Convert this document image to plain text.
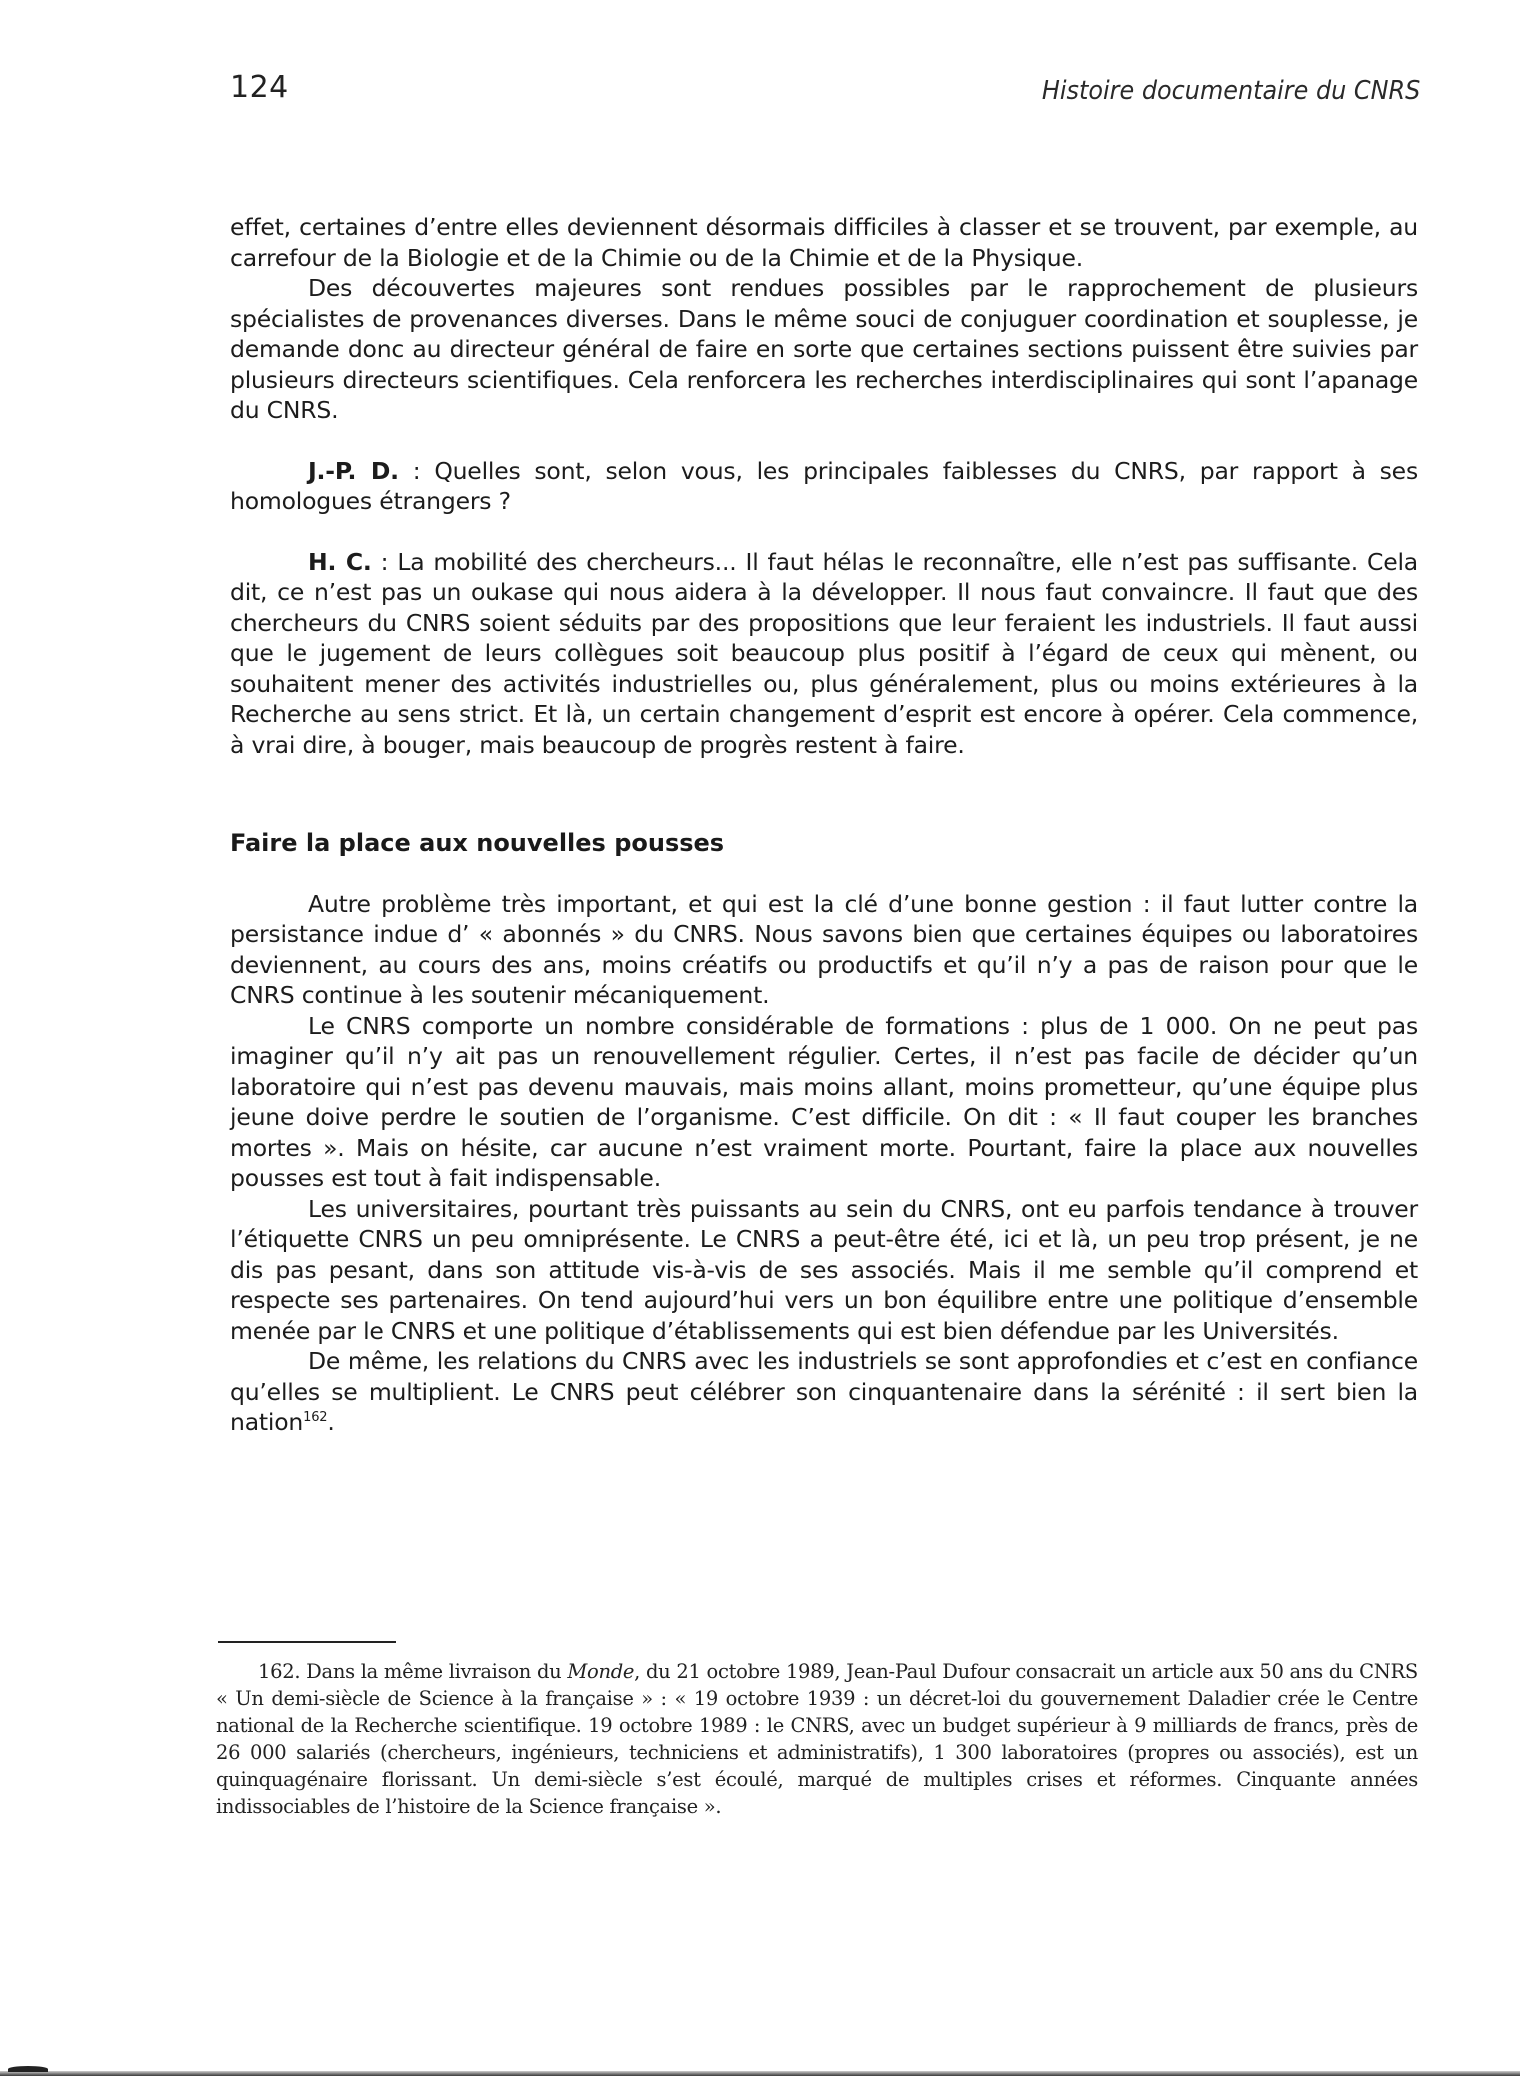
124	Histoire documentaire du CNRS

effet, certaines d’entre elles deviennent désormais difficiles à classer et se trouvent, par exemple, au carrefour de la Biologie et de la Chimie ou de la Chimie et de la Physique.

Des découvertes majeures sont rendues possibles par le rapprochement de plusieurs spécialistes de provenances diverses. Dans le même souci de conjuguer coordination et souplesse, je demande donc au directeur général de faire en sorte que certaines sections puissent être suivies par plusieurs directeurs scientifiques. Cela renforcera les recherches interdisciplinaires qui sont l’apanage du CNRS.

J.-P. D. : Quelles sont, selon vous, les principales faiblesses du CNRS, par rapport à ses homologues étrangers ?

H. C. : La mobilité des chercheurs... Il faut hélas le reconnaître, elle n’est pas suffisante. Cela dit, ce n’est pas un oukase qui nous aidera à la développer. Il nous faut convaincre. Il faut que des chercheurs du CNRS soient séduits par des propositions que leur feraient les industriels. Il faut aussi que le jugement de leurs collègues soit beaucoup plus positif à l’égard de ceux qui mènent, ou souhaitent mener des activités industrielles ou, plus généralement, plus ou moins extérieures à la Recherche au sens strict. Et là, un certain changement d’esprit est encore à opérer. Cela commence, à vrai dire, à bouger, mais beaucoup de progrès restent à faire.

Faire la place aux nouvelles pousses

Autre problème très important, et qui est la clé d’une bonne gestion : il faut lutter contre la persistance indue d’ « abonnés » du CNRS. Nous savons bien que certaines équipes ou laboratoires deviennent, au cours des ans, moins créatifs ou productifs et qu’il n’y a pas de raison pour que le CNRS continue à les soutenir mécaniquement.

Le CNRS comporte un nombre considérable de formations : plus de 1 000. On ne peut pas imaginer qu’il n’y ait pas un renouvellement régulier. Certes, il n’est pas facile de décider qu’un laboratoire qui n’est pas devenu mauvais, mais moins allant, moins prometteur, qu’une équipe plus jeune doive perdre le soutien de l’organisme. C’est difficile. On dit : « Il faut couper les branches mortes ». Mais on hésite, car aucune n’est vraiment morte. Pourtant, faire la place aux nouvelles pousses est tout à fait indispensable.

Les universitaires, pourtant très puissants au sein du CNRS, ont eu parfois tendance à trouver l’étiquette CNRS un peu omniprésente. Le CNRS a peut-être été, ici et là, un peu trop présent, je ne dis pas pesant, dans son attitude vis-à-vis de ses associés. Mais il me semble qu’il comprend et respecte ses partenaires. On tend aujourd’hui vers un bon équilibre entre une politique d’ensemble menée par le CNRS et une politique d’établissements qui est bien défendue par les Universités.

De même, les relations du CNRS avec les industriels se sont approfondies et c’est en confiance qu’elles se multiplient. Le CNRS peut célébrer son cinquantenaire dans la sérénité : il sert bien la nation$^{162}$.

162. Dans la même livraison du Monde, du 21 octobre 1989, Jean-Paul Dufour consacrait un article aux 50 ans du CNRS « Un demi-siècle de Science à la française » : « 19 octobre 1939 : un décret-loi du gouvernement Daladier crée le Centre national de la Recherche scientifique. 19 octobre 1989 : le CNRS, avec un budget supérieur à 9 milliards de francs, près de 26 000 salariés (chercheurs, ingénieurs, techniciens et administratifs), 1 300 laboratoires (propres ou associés), est un quinquagénaire florissant. Un demi-siècle s’est écoulé, marqué de multiples crises et réformes. Cinquante années indissociables de l’histoire de la Science française ».
